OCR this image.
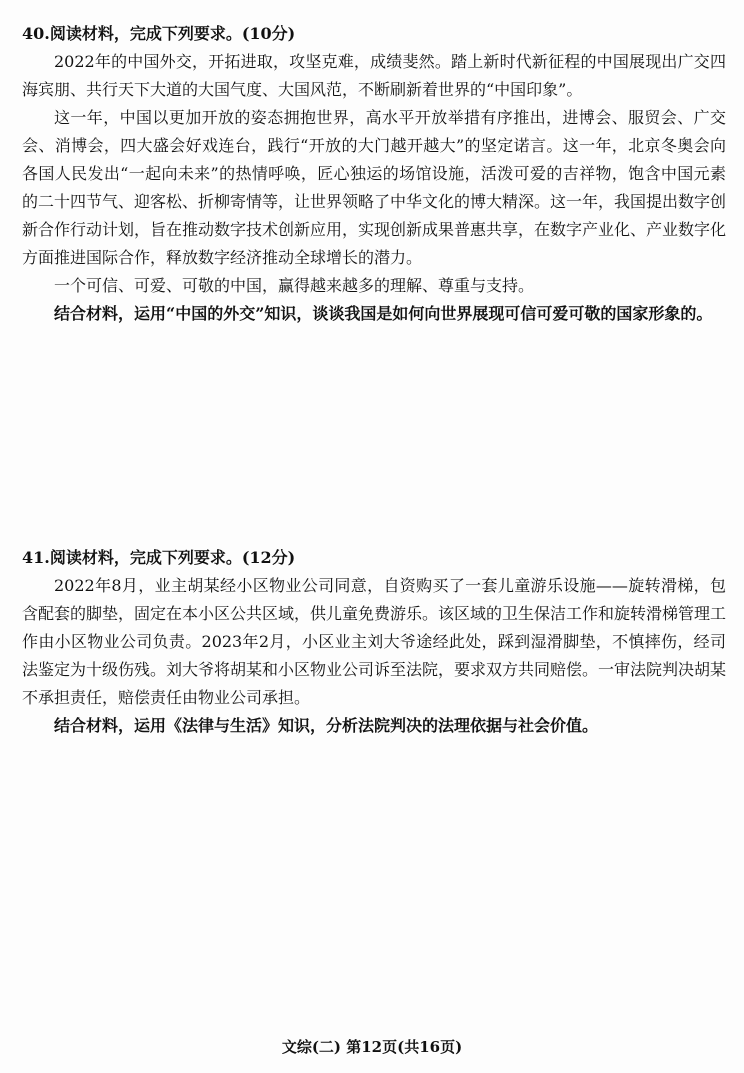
40.阅读材料，完成下列要求。(10分)

2022年的中国外交，开拓进取，攻坚克难，成绩斐然。踏上新时代新征程的中国展现出广交四海宾朋、共行天下大道的大国气度、大国风范，不断刷新着世界的“中国印象”。

这一年，中国以更加开放的姿态拥抱世界，高水平开放举措有序推出，进博会、服贸会、广交会、消博会，四大盛会好戏连台，践行“开放的大门越开越大”的坚定诺言。这一年，北京冬奥会向各国人民发出“一起向未来”的热情呼唤，匠心独运的场馆设施，活泼可爱的吉祥物，饱含中国元素的二十四节气、迎客松、折柳寄情等，让世界领略了中华文化的博大精深。这一年，我国提出数字创新合作行动计划，旨在推动数字技术创新应用，实现创新成果普惠共享，在数字产业化、产业数字化方面推进国际合作，释放数字经济推动全球增长的潜力。

一个可信、可爱、可敬的中国，赢得越来越多的理解、尊重与支持。

结合材料，运用“中国的外交”知识，谈谈我国是如何向世界展现可信可爱可敬的国家形象的。

41.阅读材料，完成下列要求。(12分)

2022年8月，业主胡某经小区物业公司同意，自资购买了一套儿童游乐设施——旋转滑梯，包含配套的脚垫，固定在本小区公共区域，供儿童免费游乐。该区域的卫生保洁工作和旋转滑梯管理工作由小区物业公司负责。2023年2月，小区业主刘大爷途经此处，踩到湿滑脚垫，不慎摔伤，经司法鉴定为十级伤残。刘大爷将胡某和小区物业公司诉至法院，要求双方共同赔偿。一审法院判决胡某不承担责任，赔偿责任由物业公司承担。

结合材料，运用《法律与生活》知识，分析法院判决的法理依据与社会价值。

文综(二) 第12页(共16页)
